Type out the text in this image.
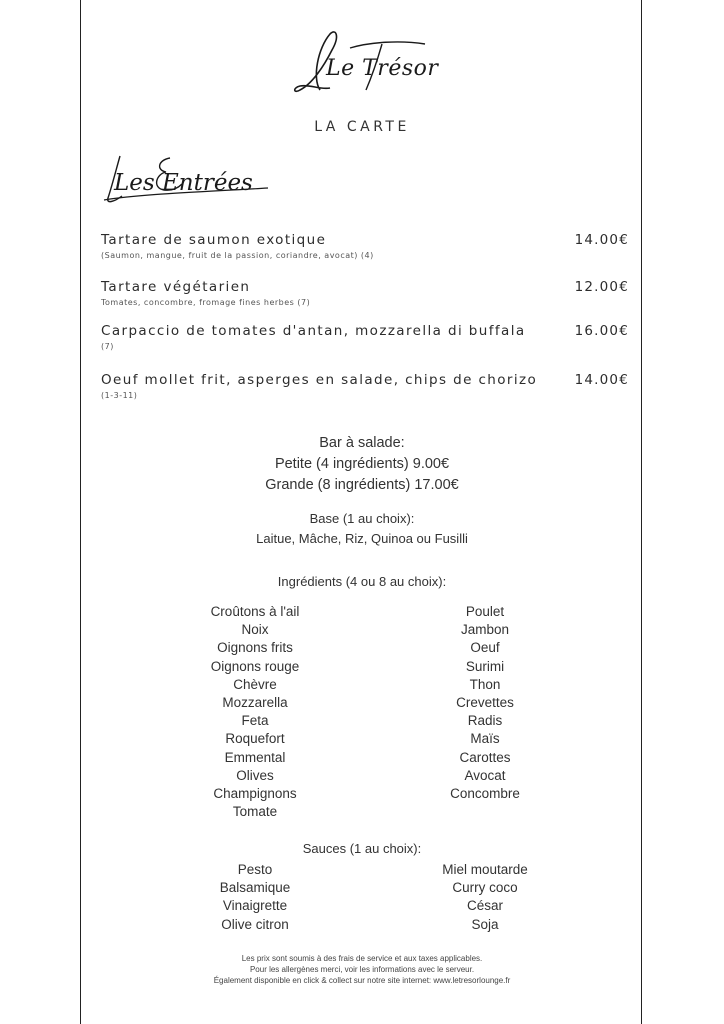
Le Trésor
LA CARTE
Les Entrées
Tartare de saumon exotique
(Saumon, mangue, fruit de la passion, coriandre, avocat) (4)
14.00€
Tartare végétarien
Tomates, concombre, fromage fines herbes (7)
12.00€
Carpaccio de tomates d'antan, mozzarella di buffala
(7)
16.00€
Oeuf mollet frit, asperges en salade, chips de chorizo
(1-3-11)
14.00€
Bar à salade:
Petite (4 ingrédients) 9.00€
Grande (8 ingrédients) 17.00€
Base (1 au choix):
Laitue, Mâche, Riz, Quinoa ou Fusilli
Ingrédients (4 ou 8 au choix):
Croûtons à l'ail
Noix
Oignons frits
Oignons rouge
Chèvre
Mozzarella
Feta
Roquefort
Emmental
Olives
Champignons
Tomate
Poulet
Jambon
Oeuf
Surimi
Thon
Crevettes
Radis
Maïs
Carottes
Avocat
Concombre
Sauces (1 au choix):
Pesto
Balsamique
Vinaigrette
Olive citron
Miel moutarde
Curry coco
César
Soja
Les prix sont soumis à des frais de service et aux taxes applicables.
Pour les allergènes merci, voir les informations avec le serveur.
Également disponible en click & collect sur notre site internet: www.letresorlounge.fr
